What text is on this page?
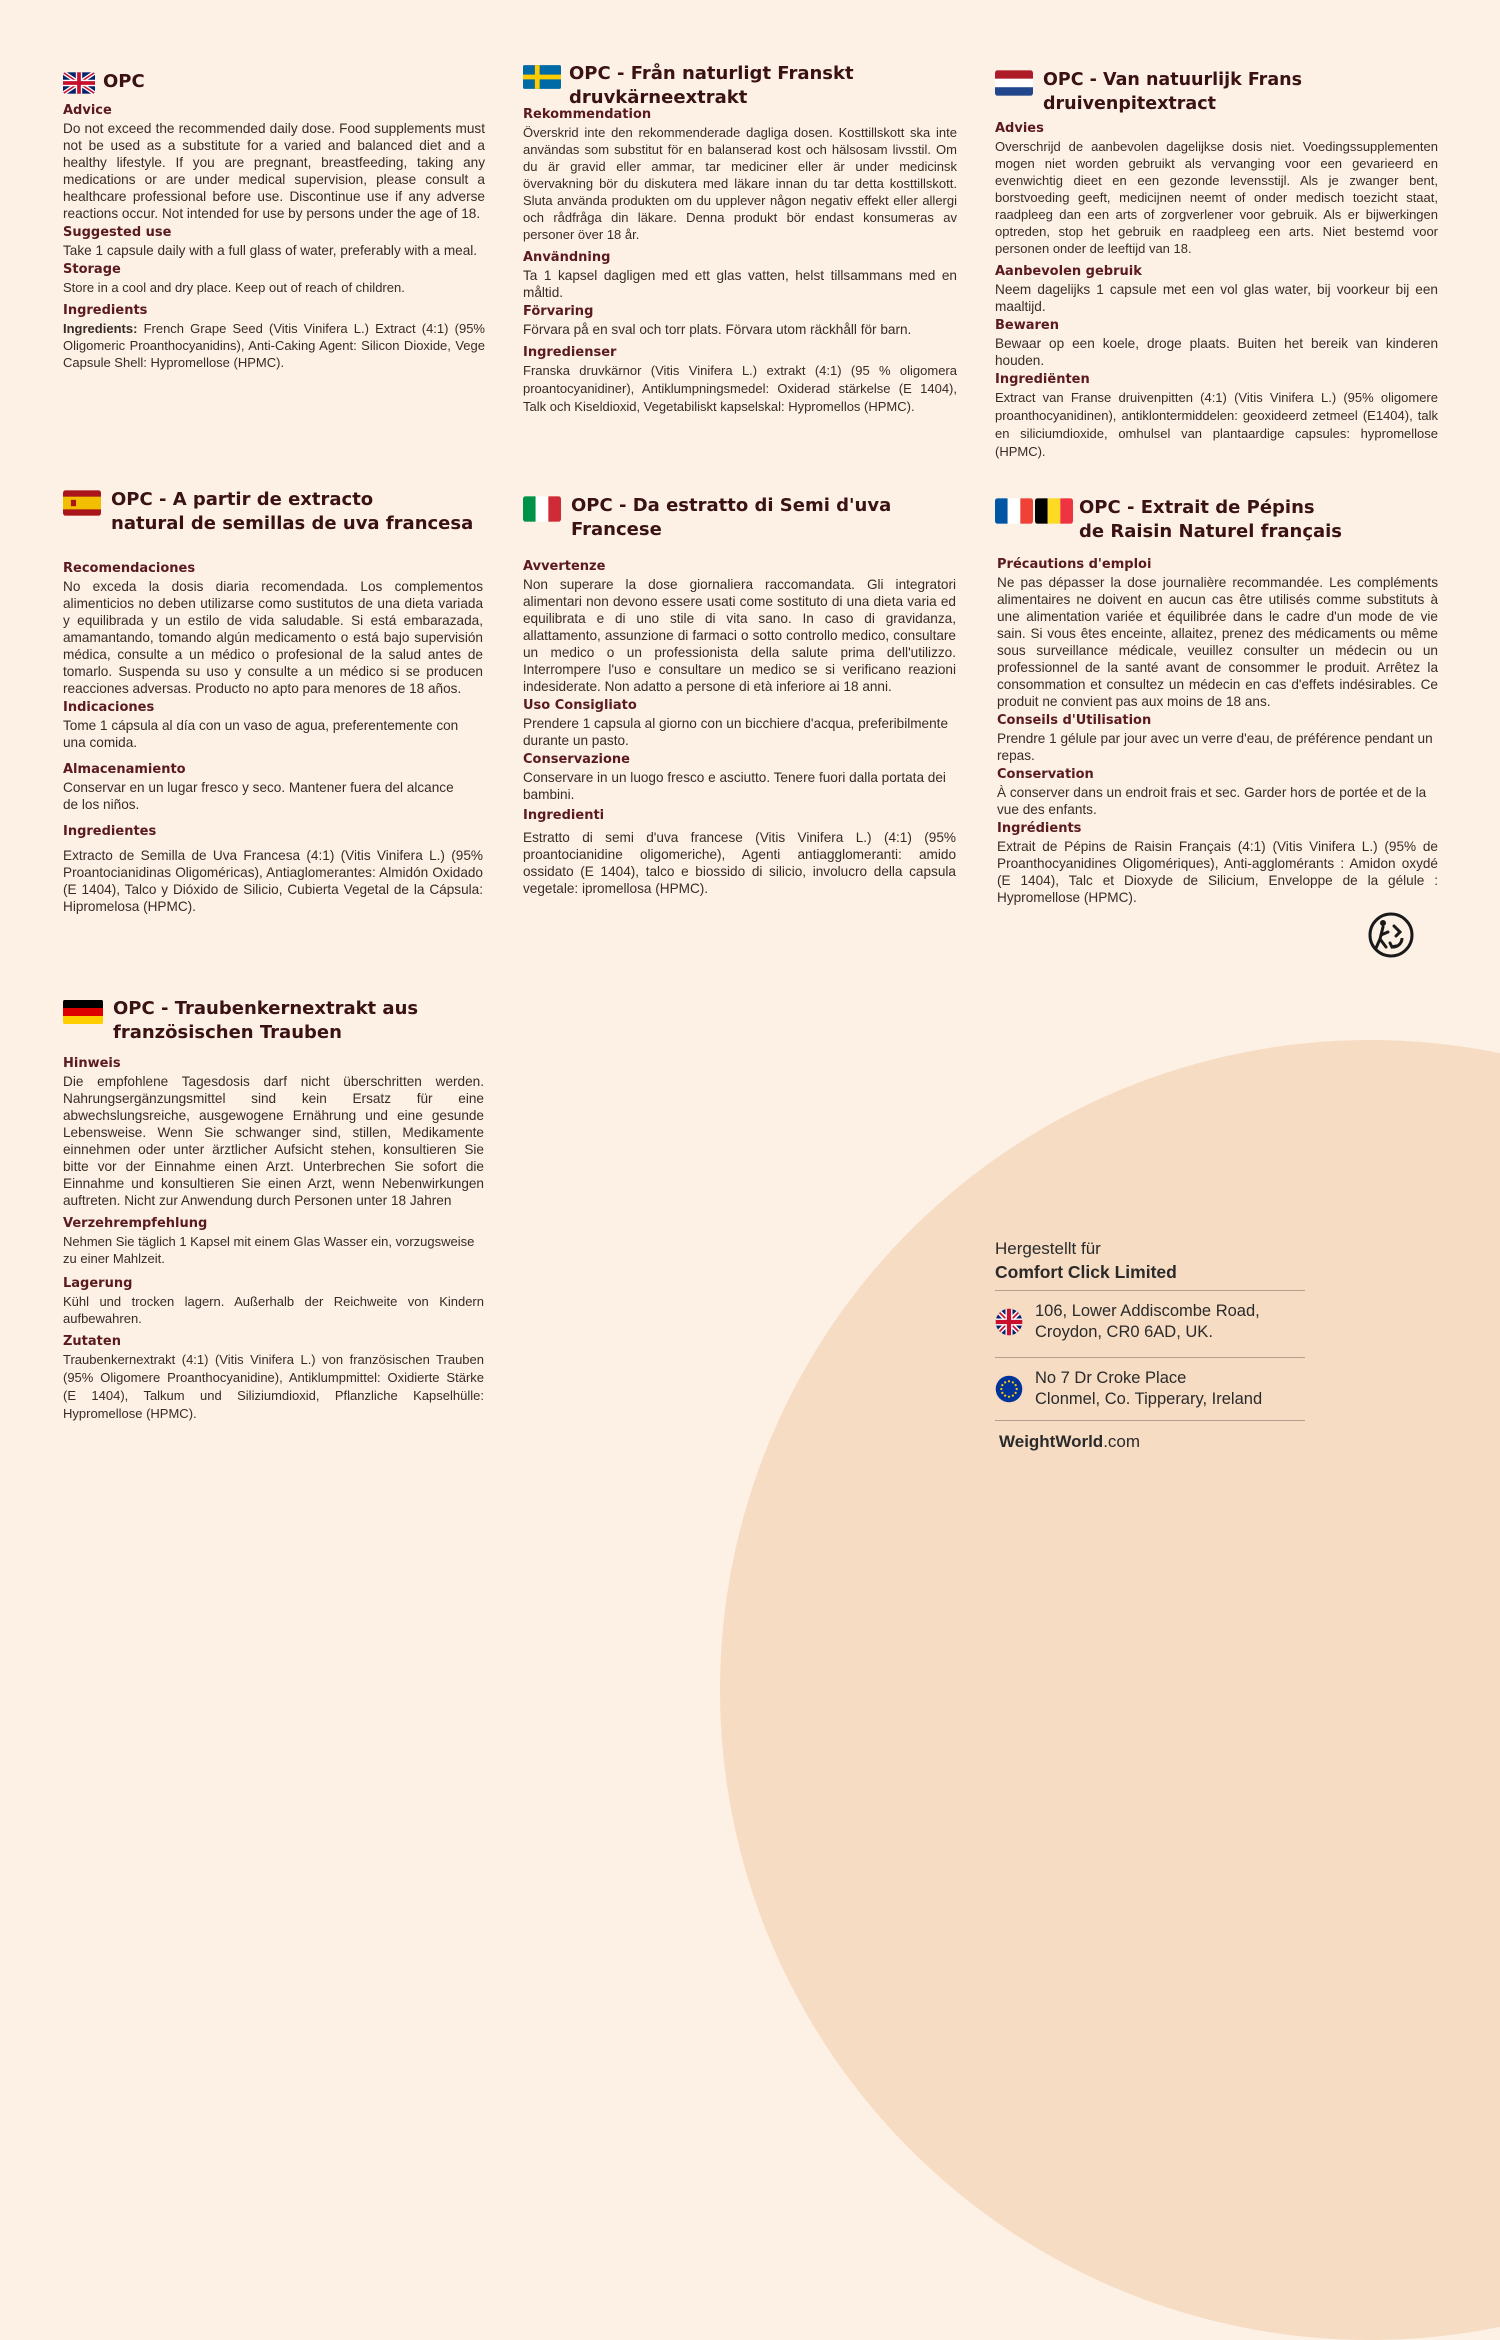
OPC
Advice
Do not exceed the recommended daily dose. Food supplements must not be used as a substitute for a varied and balanced diet and a healthy lifestyle. If you are pregnant, breastfeeding, taking any medications or are under medical supervision, please consult a healthcare professional before use. Discontinue use if any adverse reactions occur. Not intended for use by persons under the age of 18.
Suggested use
Take 1 capsule daily with a full glass of water, preferably with a meal.
Storage
Store in a cool and dry place. Keep out of reach of children.
Ingredients
Ingredients: French Grape Seed (Vitis Vinifera L.) Extract (4:1) (95% Oligomeric Proanthocyanidins), Anti-Caking Agent: Silicon Dioxide, Vege Capsule Shell: Hypromellose (HPMC).
OPC - Från naturligt Franskt
druvkärneextrakt
Rekommendation
Överskrid inte den rekommenderade dagliga dosen. Kosttillskott ska inte användas som substitut för en balanserad kost och hälsosam livsstil. Om du är gravid eller ammar, tar mediciner eller är under medicinsk övervakning bör du diskutera med läkare innan du tar detta kosttillskott. Sluta använda produkten om du upplever någon negativ effekt eller allergi och rådfråga din läkare. Denna produkt bör endast konsumeras av personer över 18 år.
Användning
Ta 1 kapsel dagligen med ett glas vatten, helst tillsammans med en måltid.
Förvaring
Förvara på en sval och torr plats. Förvara utom räckhåll för barn.
Ingredienser
Franska druvkärnor (Vitis Vinifera L.) extrakt (4:1) (95 % oligomera proantocyanidiner), Antiklumpningsmedel: Oxiderad stärkelse (E 1404), Talk och Kiseldioxid, Vegetabiliskt kapselskal: Hypromellos (HPMC).
OPC - Van natuurlijk Frans druivenpitextract
Advies
Overschrijd de aanbevolen dagelijkse dosis niet. Voedingssupplementen mogen niet worden gebruikt als vervanging voor een gevarieerd en evenwichtig dieet en een gezonde levensstijl. Als je zwanger bent, borstvoeding geeft, medicijnen neemt of onder medisch toezicht staat, raadpleeg dan een arts of zorgverlener voor gebruik. Als er bijwerkingen optreden, stop het gebruik en raadpleeg een arts. Niet bestemd voor personen onder de leeftijd van 18.
Aanbevolen gebruik
Neem dagelijks 1 capsule met een vol glas water, bij voorkeur bij een maaltijd.
Bewaren
Bewaar op een koele, droge plaats. Buiten het bereik van kinderen houden.
Ingrediënten
Extract van Franse druivenpitten (4:1) (Vitis Vinifera L.) (95% oligomere proanthocyanidinen), antiklontermiddelen: geoxideerd zetmeel (E1404), talk en siliciumdioxide, omhulsel van plantaardige capsules: hypromellose (HPMC).
OPC - A partir de extracto
natural de semillas de uva francesa
Recomendaciones
No exceda la dosis diaria recomendada. Los complementos alimenticios no deben utilizarse como sustitutos de una dieta variada y equilibrada y un estilo de vida saludable. Si está embarazada, amamantando, tomando algún medicamento o está bajo supervisión médica, consulte a un médico o profesional de la salud antes de tomarlo. Suspenda su uso y consulte a un médico si se producen reacciones adversas. Producto no apto para menores de 18 años.
Indicaciones
Tome 1 cápsula al día con un vaso de agua, preferentemente con una comida.
Almacenamiento
Conservar en un lugar fresco y seco. Mantener fuera del alcance de los niños.
Ingredientes
Extracto de Semilla de Uva Francesa (4:1) (Vitis Vinifera L.) (95% Proantocianidinas Oligoméricas), Antiaglomerantes: Almidón Oxidado (E 1404), Talco y Dióxido de Silicio, Cubierta Vegetal de la Cápsula: Hipromelosa (HPMC).
OPC - Da estratto di Semi d'uva
Francese
Avvertenze
Non superare la dose giornaliera raccomandata. Gli integratori alimentari non devono essere usati come sostituto di una dieta varia ed equilibrata e di uno stile di vita sano. In caso di gravidanza, allattamento, assunzione di farmaci o sotto controllo medico, consultare un medico o un professionista della salute prima dell'utilizzo. Interrompere l'uso e consultare un medico se si verificano reazioni indesiderate. Non adatto a persone di età inferiore ai 18 anni.
Uso Consigliato
Prendere 1 capsula al giorno con un bicchiere d'acqua, preferibilmente durante un pasto.
Conservazione
Conservare in un luogo fresco e asciutto. Tenere fuori dalla portata dei bambini.
Ingredienti
Estratto di semi d'uva francese (Vitis Vinifera L.) (4:1) (95% proantocianidine oligomeriche), Agenti antiagglomeranti: amido ossidato (E 1404), talco e biossido di silicio, involucro della capsula vegetale: ipromellosa (HPMC).
OPC - Extrait de Pépins
de Raisin Naturel français
Précautions d'emploi
Ne pas dépasser la dose journalière recommandée. Les compléments alimentaires ne doivent en aucun cas être utilisés comme substituts à une alimentation variée et équilibrée dans le cadre d'un mode de vie sain. Si vous êtes enceinte, allaitez, prenez des médicaments ou même sous surveillance médicale, veuillez consulter un médecin ou un professionnel de la santé avant de consommer le produit. Arrêtez la consommation et consultez un médecin en cas d'effets indésirables. Ce produit ne convient pas aux moins de 18 ans.
Conseils d'Utilisation
Prendre 1 gélule par jour avec un verre d'eau, de préférence pendant un repas.
Conservation
À conserver dans un endroit frais et sec. Garder hors de portée et de la vue des enfants.
Ingrédients
Extrait de Pépins de Raisin Français (4:1) (Vitis Vinifera L.) (95% de Proanthocyanidines Oligomériques), Anti-agglomérants : Amidon oxydé (E 1404), Talc et Dioxyde de Silicium, Enveloppe de la gélule : Hypromellose (HPMC).
OPC - Traubenkernextrakt aus
französischen Trauben
Hinweis
Die empfohlene Tagesdosis darf nicht überschritten werden. Nahrungsergänzungsmittel sind kein Ersatz für eine abwechslungsreiche, ausgewogene Ernährung und eine gesunde Lebensweise. Wenn Sie schwanger sind, stillen, Medikamente einnehmen oder unter ärztlicher Aufsicht stehen, konsultieren Sie bitte vor der Einnahme einen Arzt. Unterbrechen Sie sofort die Einnahme und konsultieren Sie einen Arzt, wenn Nebenwirkungen auftreten. Nicht zur Anwendung durch Personen unter 18 Jahren
Verzehrempfehlung
Nehmen Sie täglich 1 Kapsel mit einem Glas Wasser ein, vorzugsweise zu einer Mahlzeit.
Lagerung
Kühl und trocken lagern. Außerhalb der Reichweite von Kindern aufbewahren.
Zutaten
Traubenkernextrakt (4:1) (Vitis Vinifera L.) von französischen Trauben (95% Oligomere Proanthocyanidine), Antiklumpmittel: Oxidierte Stärke (E 1404), Talkum und Siliziumdioxid, Pflanzliche Kapselhülle: Hypromellose (HPMC).
Hergestellt für
Comfort Click Limited
106, Lower Addiscombe Road,
Croydon, CR0 6AD, UK.
No 7 Dr Croke Place
Clonmel, Co. Tipperary, Ireland
WeightWorld.com
